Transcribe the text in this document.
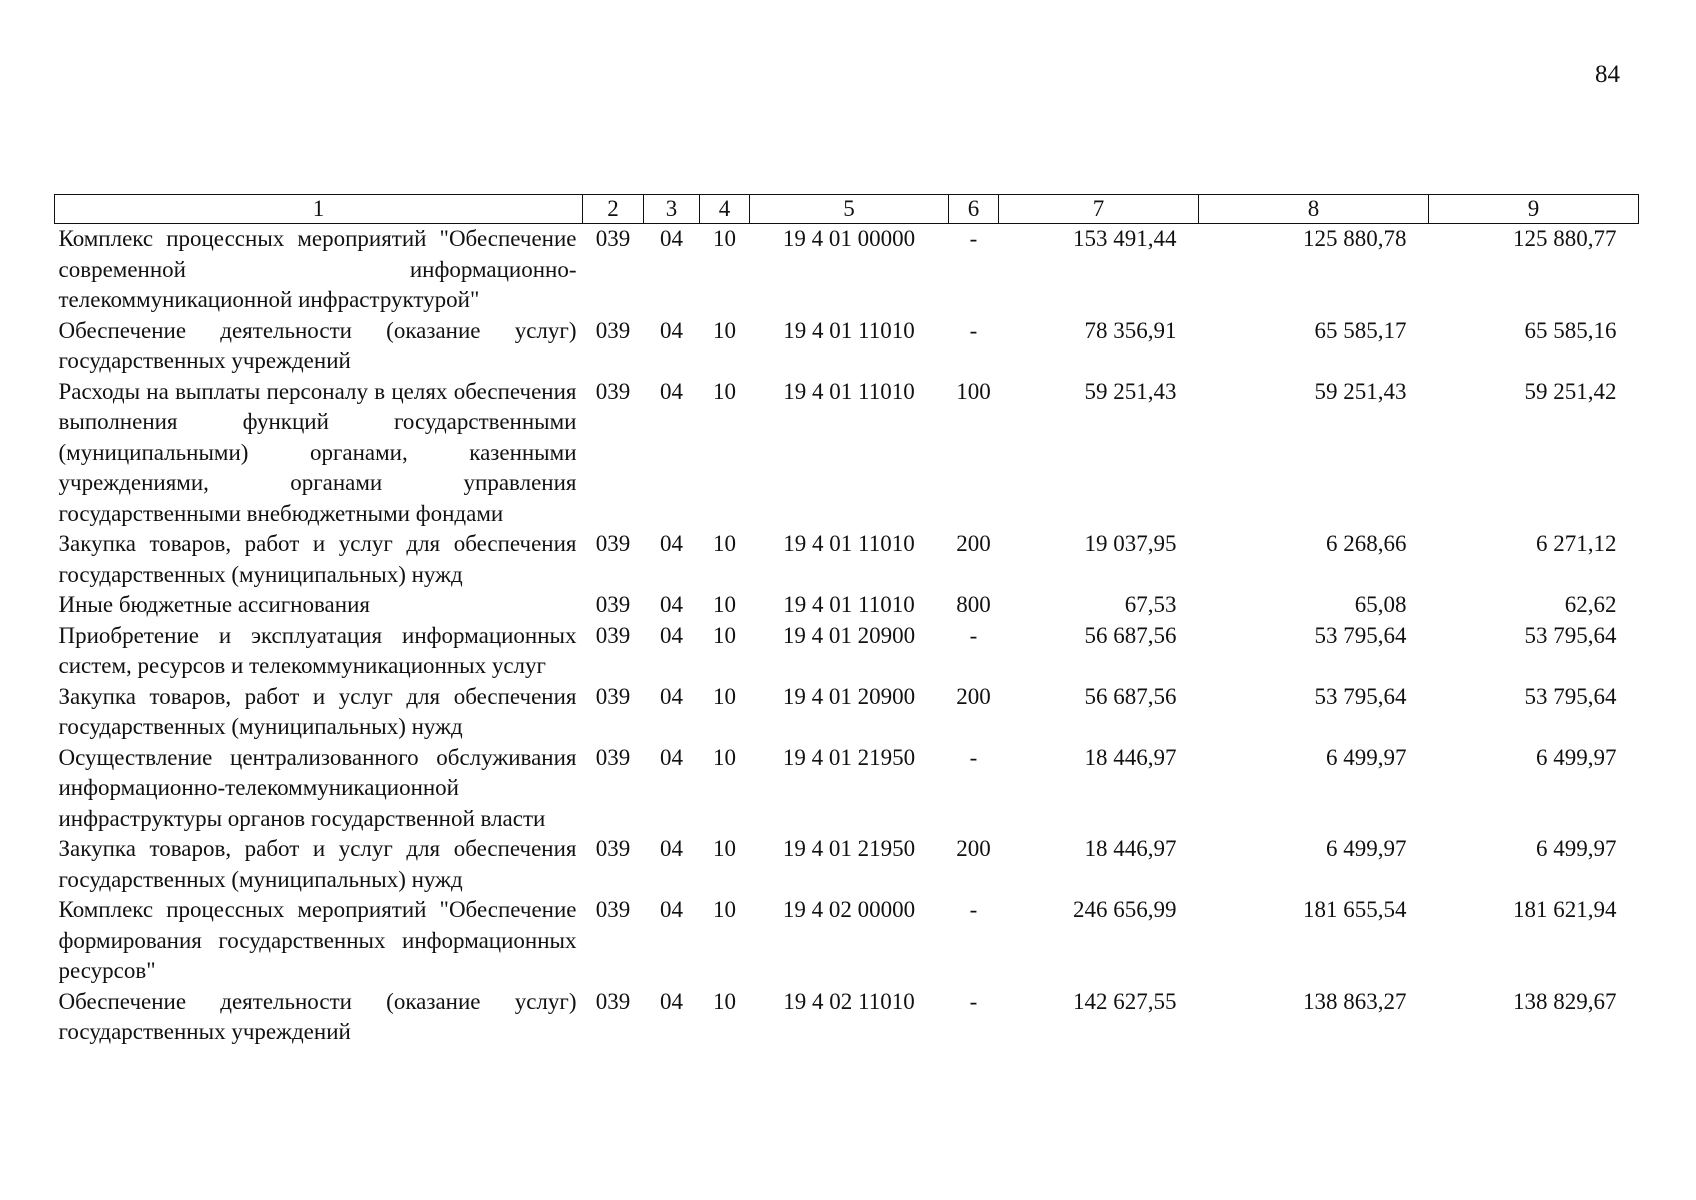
84
1	2	3	4	5	6	7	8	9
Комплекс процессных мероприятий "Обеспечение современной информационно-телекоммуникационной инфраструктурой"	039	04	10	19 4 01 00000	-	153 491,44	125 880,78	125 880,77
Обеспечение деятельности (оказание услуг) государственных учреждений	039	04	10	19 4 01 11010	-	78 356,91	65 585,17	65 585,16
Расходы на выплаты персоналу в целях обеспечения выполнения функций государственными (муниципальными) органами, казенными учреждениями, органами управления государственными внебюджетными фондами	039	04	10	19 4 01 11010	100	59 251,43	59 251,43	59 251,42
Закупка товаров, работ и услуг для обеспечения государственных (муниципальных) нужд	039	04	10	19 4 01 11010	200	19 037,95	6 268,66	6 271,12
Иные бюджетные ассигнования	039	04	10	19 4 01 11010	800	67,53	65,08	62,62
Приобретение и эксплуатация информационных систем, ресурсов и телекоммуникационных услуг	039	04	10	19 4 01 20900	-	56 687,56	53 795,64	53 795,64
Закупка товаров, работ и услуг для обеспечения государственных (муниципальных) нужд	039	04	10	19 4 01 20900	200	56 687,56	53 795,64	53 795,64
Осуществление централизованного обслуживания информационно-телекоммуникационной инфраструктуры органов государственной власти	039	04	10	19 4 01 21950	-	18 446,97	6 499,97	6 499,97
Закупка товаров, работ и услуг для обеспечения государственных (муниципальных) нужд	039	04	10	19 4 01 21950	200	18 446,97	6 499,97	6 499,97
Комплекс процессных мероприятий "Обеспечение формирования государственных информационных ресурсов"	039	04	10	19 4 02 00000	-	246 656,99	181 655,54	181 621,94
Обеспечение деятельности (оказание услуг) государственных учреждений	039	04	10	19 4 02 11010	-	142 627,55	138 863,27	138 829,67
